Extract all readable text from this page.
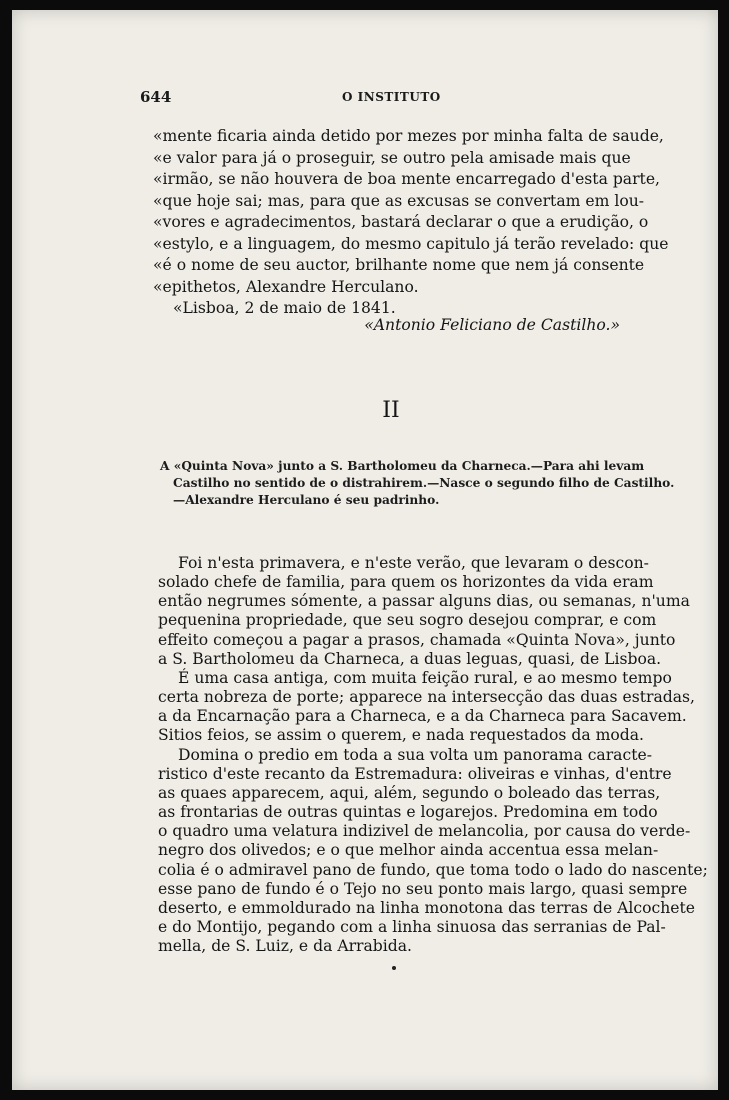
644	O INSTITUTO
«mente ficaria ainda detido por mezes por minha falta de saude,
«e valor para já o proseguir, se outro pela amisade mais que
«irmão, se não houvera de boa mente encarregado d'esta parte,
«que hoje sai; mas, para que as excusas se convertam em lou-
«vores e agradecimentos, bastará declarar o que a erudição, o
«estylo, e a linguagem, do mesmo capitulo já terão revelado: que
«é o nome de seu auctor, brilhante nome que nem já consente
«epithetos, Alexandre Herculano.
«Lisboa, 2 de maio de 1841.
«Antonio Feliciano de Castilho.»
II
A «Quinta Nova» junto a S. Bartholomeu da Charneca.—Para ahi levam
Castilho no sentido de o distrahirem.—Nasce o segundo filho de Castilho.
—Alexandre Herculano é seu padrinho.
Foi n'esta primavera, e n'este verão, que levaram o descon-
solado chefe de familia, para quem os horizontes da vida eram
então negrumes sómente, a passar alguns dias, ou semanas, n'uma
pequenina propriedade, que seu sogro desejou comprar, e com
effeito começou a pagar a prasos, chamada «Quinta Nova», junto
a S. Bartholomeu da Charneca, a duas leguas, quasi, de Lisboa.
É uma casa antiga, com muita feição rural, e ao mesmo tempo
certa nobreza de porte; apparece na intersecção das duas estradas,
a da Encarnação para a Charneca, e a da Charneca para Sacavem.
Sitios feios, se assim o querem, e nada requestados da moda.
Domina o predio em toda a sua volta um panorama caracte-
ristico d'este recanto da Estremadura: oliveiras e vinhas, d'entre
as quaes apparecem, aqui, além, segundo o boleado das terras,
as frontarias de outras quintas e logarejos. Predomina em todo
o quadro uma velatura indizivel de melancolia, por causa do verde-
negro dos olivedos; e o que melhor ainda accentua essa melan-
colia é o admiravel pano de fundo, que toma todo o lado do nascente;
esse pano de fundo é o Tejo no seu ponto mais largo, quasi sempre
deserto, e emmoldurado na linha monotona das terras de Alcochete
e do Montijo, pegando com a linha sinuosa das serranias de Pal-
mella, de S. Luiz, e da Arrabida.
